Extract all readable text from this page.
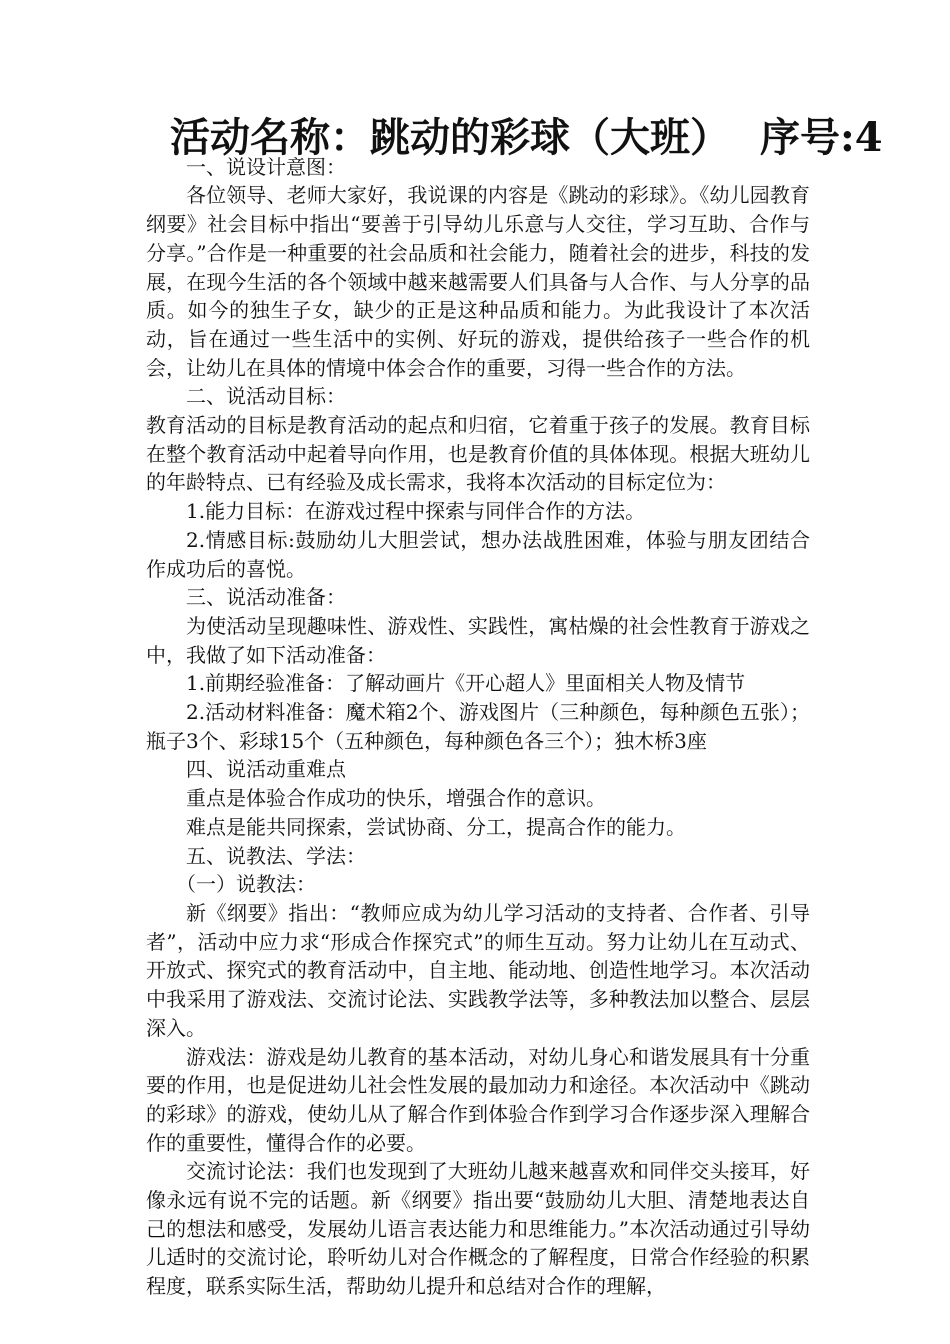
活动名称：跳动的彩球（大班） 序号:4

一、说设计意图：

各位领导、老师大家好，我说课的内容是《跳动的彩球》。《幼儿园教育纲要》社会目标中指出“要善于引导幼儿乐意与人交往，学习互助、合作与分享。”合作是一种重要的社会品质和社会能力，随着社会的进步，科技的发展，在现今生活的各个领域中越来越需要人们具备与人合作、与人分享的品质。如今的独生子女，缺少的正是这种品质和能力。为此我设计了本次活动，旨在通过一些生活中的实例、好玩的游戏，提供给孩子一些合作的机会，让幼儿在具体的情境中体会合作的重要，习得一些合作的方法。

二、说活动目标：

教育活动的目标是教育活动的起点和归宿，它着重于孩子的发展。教育目标在整个教育活动中起着导向作用，也是教育价值的具体体现。根据大班幼儿的年龄特点、已有经验及成长需求，我将本次活动的目标定位为：

1.能力目标：在游戏过程中探索与同伴合作的方法。

2.情感目标:鼓励幼儿大胆尝试，想办法战胜困难，体验与朋友团结合作成功后的喜悦。

三、说活动准备：

为使活动呈现趣味性、游戏性、实践性，寓枯燥的社会性教育于游戏之中，我做了如下活动准备：

1.前期经验准备：了解动画片《开心超人》里面相关人物及情节

2.活动材料准备：魔术箱2个、游戏图片（三种颜色，每种颜色五张）；瓶子3个、彩球15个（五种颜色，每种颜色各三个）；独木桥3座

四、说活动重难点

重点是体验合作成功的快乐，增强合作的意识。

难点是能共同探索，尝试协商、分工，提高合作的能力。

五、说教法、学法：

（一）说教法：

新《纲要》指出：“教师应成为幼儿学习活动的支持者、合作者、引导者”，活动中应力求“形成合作探究式”的师生互动。努力让幼儿在互动式、开放式、探究式的教育活动中，自主地、能动地、创造性地学习。本次活动中我采用了游戏法、交流讨论法、实践教学法等，多种教法加以整合、层层深入。

游戏法：游戏是幼儿教育的基本活动，对幼儿身心和谐发展具有十分重要的作用，也是促进幼儿社会性发展的最加动力和途径。本次活动中《跳动的彩球》的游戏，使幼儿从了解合作到体验合作到学习合作逐步深入理解合作的重要性，懂得合作的必要。

交流讨论法：我们也发现到了大班幼儿越来越喜欢和同伴交头接耳，好像永远有说不完的话题。新《纲要》指出要“鼓励幼儿大胆、清楚地表达自己的想法和感受，发展幼儿语言表达能力和思维能力。”本次活动通过引导幼儿适时的交流讨论，聆听幼儿对合作概念的了解程度，日常合作经验的积累程度，联系实际生活，帮助幼儿提升和总结对合作的理解，
